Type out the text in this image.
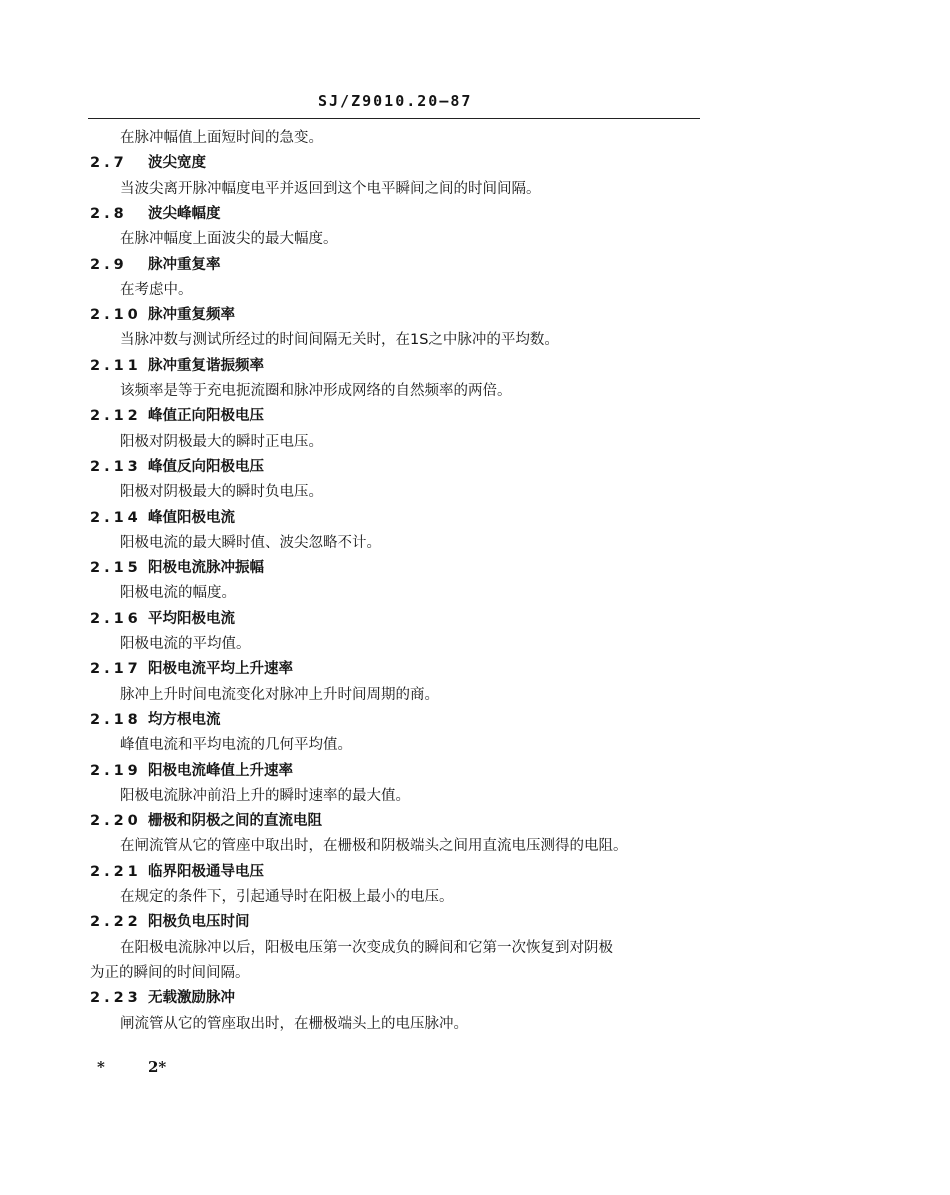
SJ/Z9010.20—87
在脉冲幅值上面短时间的急变。
2.7 波尖宽度
当波尖离开脉冲幅度电平并返回到这个电平瞬间之间的时间间隔。
2.8 波尖峰幅度
在脉冲幅度上面波尖的最大幅度。
2.9 脉冲重复率
在考虑中。
2.10 脉冲重复频率
当脉冲数与测试所经过的时间间隔无关时，在1S之中脉冲的平均数。
2.11 脉冲重复谐振频率
该频率是等于充电扼流圈和脉冲形成网络的自然频率的两倍。
2.12 峰值正向阳极电压
阳极对阴极最大的瞬时正电压。
2.13 峰值反向阳极电压
阳极对阴极最大的瞬时负电压。
2.14 峰值阳极电流
阳极电流的最大瞬时值、波尖忽略不计。
2.15 阳极电流脉冲振幅
阳极电流的幅度。
2.16 平均阳极电流
阳极电流的平均值。
2.17 阳极电流平均上升速率
脉冲上升时间电流变化对脉冲上升时间周期的商。
2.18 均方根电流
峰值电流和平均电流的几何平均值。
2.19 阳极电流峰值上升速率
阳极电流脉冲前沿上升的瞬时速率的最大值。
2.20 栅极和阴极之间的直流电阻
在闸流管从它的管座中取出时，在栅极和阴极端头之间用直流电压测得的电阻。
2.21 临界阳极通导电压
在规定的条件下，引起通导时在阳极上最小的电压。
2.22 阳极负电压时间
在阳极电流脉冲以后，阳极电压第一次变成负的瞬间和它第一次恢复到对阴极
为正的瞬间的时间间隔。
2.23 无载激励脉冲
闸流管从它的管座取出时，在栅极端头上的电压脉冲。
*	2*
